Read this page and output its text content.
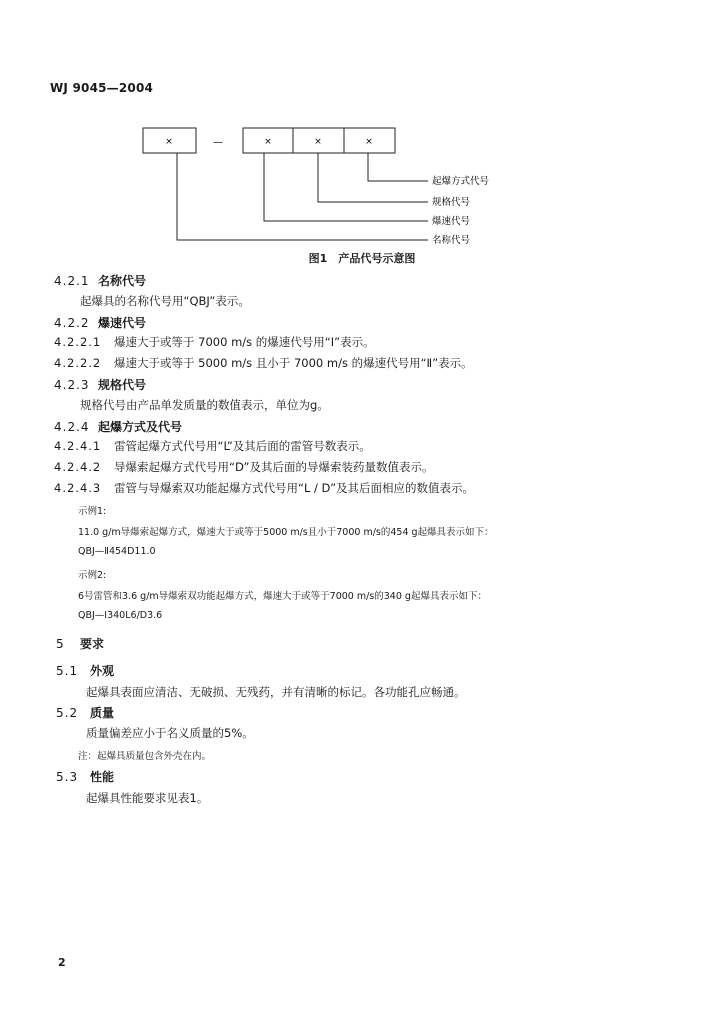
WJ 9045—2004
×	×	×	×
—
起爆方式代号
规格代号
爆速代号
名称代号
图1　产品代号示意图
4.2.1 名称代号
起爆具的名称代号用“QBJ”表示。
4.2.2 爆速代号
4.2.2.1 爆速大于或等于 7000 m/s 的爆速代号用“Ⅰ”表示。
4.2.2.2 爆速大于或等于 5000 m/s 且小于 7000 m/s 的爆速代号用“Ⅱ”表示。
4.2.3 规格代号
规格代号由产品单发质量的数值表示，单位为g。
4.2.4 起爆方式及代号
4.2.4.1 雷管起爆方式代号用“L”及其后面的雷管号数表示。
4.2.4.2 导爆索起爆方式代号用“D”及其后面的导爆索装药量数值表示。
4.2.4.3 雷管与导爆索双功能起爆方式代号用“L / D”及其后面相应的数值表示。
示例1:
11.0 g/m导爆索起爆方式，爆速大于或等于5000 m/s且小于7000 m/s的454 g起爆具表示如下：
QBJ—Ⅱ454D11.0
示例2:
6号雷管和3.6 g/m导爆索双功能起爆方式，爆速大于或等于7000 m/s的340 g起爆具表示如下：
QBJ—Ⅰ340L6/D3.6
5 要求
5.1 外观
起爆具表面应清洁、无破损、无残药，并有清晰的标记。各功能孔应畅通。
5.2 质量
质量偏差应小于名义质量的5%。
注：起爆具质量包含外壳在内。
5.3 性能
起爆具性能要求见表1。
2
